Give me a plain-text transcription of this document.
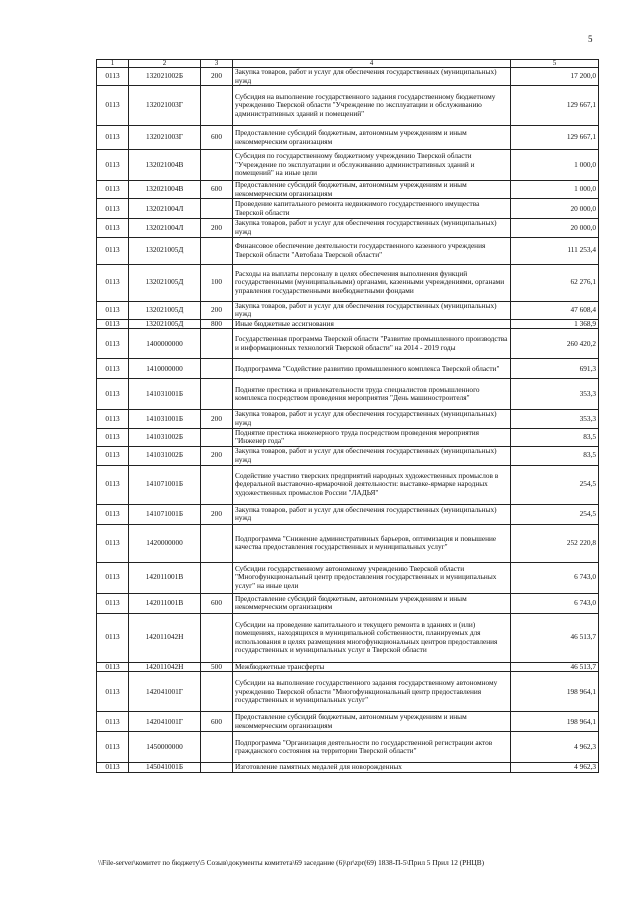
5
1	2	3	4	5
0113	132021002Б	200	Закупка товаров, работ и услуг для обеспечения государственных (муниципальных) нужд	17 200,0
0113	132021003Г		Субсидия на выполнение государственного задания государственному бюджетному учреждению Тверской области "Учреждение по эксплуатации и обслуживанию административных зданий и помещений"	129 667,1
0113	132021003Г	600	Предоставление субсидий бюджетным, автономным учреждениям и иным некоммерческим организациям	129 667,1
0113	132021004В		Субсидия по государственному бюджетному учреждению Тверской области "Учреждение по эксплуатации и обслуживанию административных зданий и помещений" на иные цели	1 000,0
0113	132021004В	600	Предоставление субсидий бюджетным, автономным учреждениям и иным некоммерческим организациям	1 000,0
0113	132021004Л		Проведение капитального ремонта недвижимого государственного имущества Тверской области	20 000,0
0113	132021004Л	200	Закупка товаров, работ и услуг для обеспечения государственных (муниципальных) нужд	20 000,0
0113	132021005Д		Финансовое обеспечение деятельности государственного казенного учреждения Тверской области "Автобаза Тверской области"	111 253,4
0113	132021005Д	100	Расходы на выплаты персоналу в целях обеспечения выполнения функций государственными (муниципальными) органами, казенными учреждениями, органами управления государственными внебюджетными фондами	62 276,1
0113	132021005Д	200	Закупка товаров, работ и услуг для обеспечения государственных (муниципальных) нужд	47 608,4
0113	132021005Д	800	Иные бюджетные ассигнования	1 368,9
0113	1400000000		Государственная программа Тверской области "Развитие промышленного производства и информационных технологий Тверской области" на 2014 - 2019 годы	260 420,2
0113	1410000000		Подпрограмма "Содействие развитию промышленного комплекса Тверской области"	691,3
0113	141031001Б		Поднятие престижа и привлекательности труда специалистов промышленного комплекса посредством проведения мероприятия "День машиностроителя"	353,3
0113	141031001Б	200	Закупка товаров, работ и услуг для обеспечения государственных (муниципальных) нужд	353,3
0113	141031002Б		Поднятие престижа инженерного труда посредством проведения мероприятия "Инженер года"	83,5
0113	141031002Б	200	Закупка товаров, работ и услуг для обеспечения государственных (муниципальных) нужд	83,5
0113	141071001Б		Содействие участию тверских предприятий народных художественных промыслов в федеральной выставочно-ярмарочной деятельности: выставке-ярмарке народных художественных промыслов России "ЛАДЬЯ"	254,5
0113	141071001Б	200	Закупка товаров, работ и услуг для обеспечения государственных (муниципальных) нужд	254,5
0113	1420000000		Подпрограмма "Снижение административных барьеров, оптимизация и повышение качества предоставления государственных и муниципальных услуг"	252 220,8
0113	142011001В		Субсидии государственному автономному учреждению Тверской области "Многофункциональный центр предоставления государственных и муниципальных услуг" на иные цели	6 743,0
0113	142011001В	600	Предоставление субсидий бюджетным, автономным учреждениям и иным некоммерческим организациям	6 743,0
0113	142011042Н		Субсидии на проведение капитального и текущего ремонта в зданиях и (или) помещениях, находящихся в муниципальной собственности, планируемых для использования в целях размещения многофункциональных центров предоставления государственных и муниципальных услуг в Тверской области	46 513,7
0113	142011042Н	500	Межбюджетные трансферты	46 513,7
0113	142041001Г		Субсидии на выполнение государственного задания государственному автономному учреждению Тверской области "Многофункциональный центр предоставления государственных и муниципальных услуг"	198 964,1
0113	142041001Г	600	Предоставление субсидий бюджетным, автономным учреждениям и иным некоммерческим организациям	198 964,1
0113	1450000000		Подпрограмма "Организация деятельности по государственной регистрации актов гражданского состояния на территории Тверской области"	4 962,3
0113	145041001Б		Изготовление памятных медалей для новорожденных	4 962,3
\\File-server\комитет по бюджету\5 Созыв\документы комитета\69 заседание (6)\pr\zpr(69) 1838-П-5\Прил 5 Прил 12 (РНЦВ)
